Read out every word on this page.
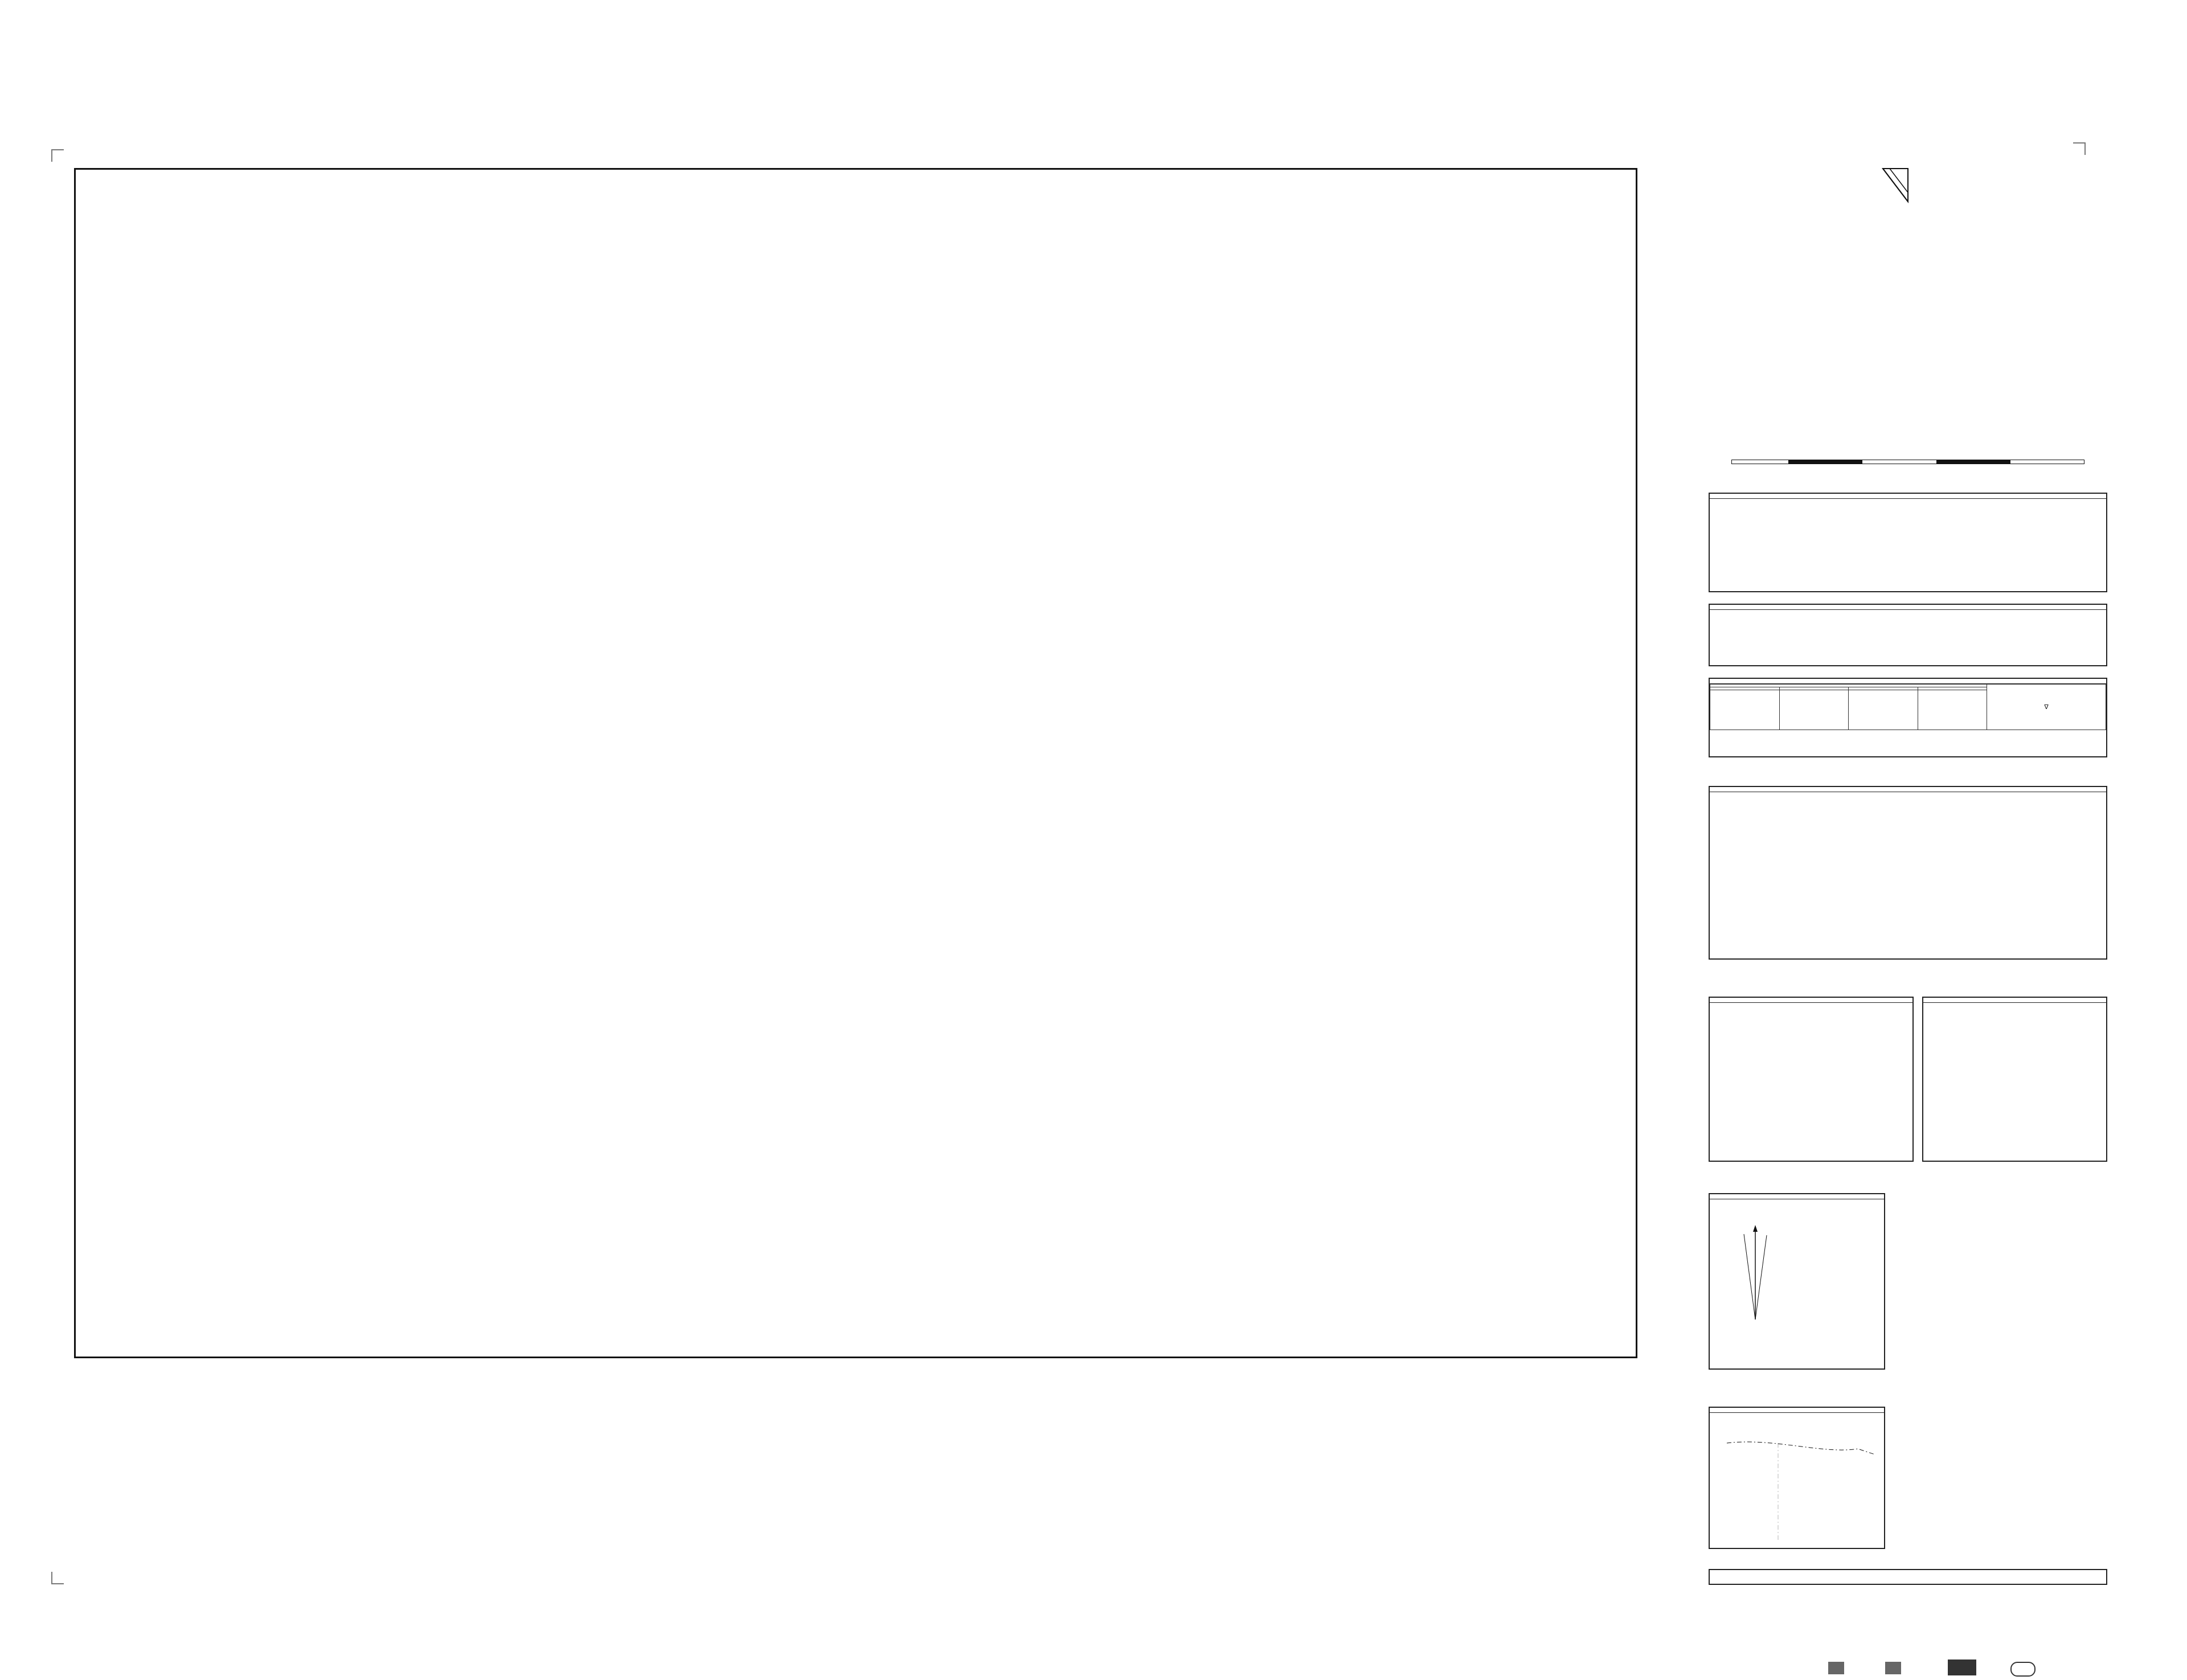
				∇
